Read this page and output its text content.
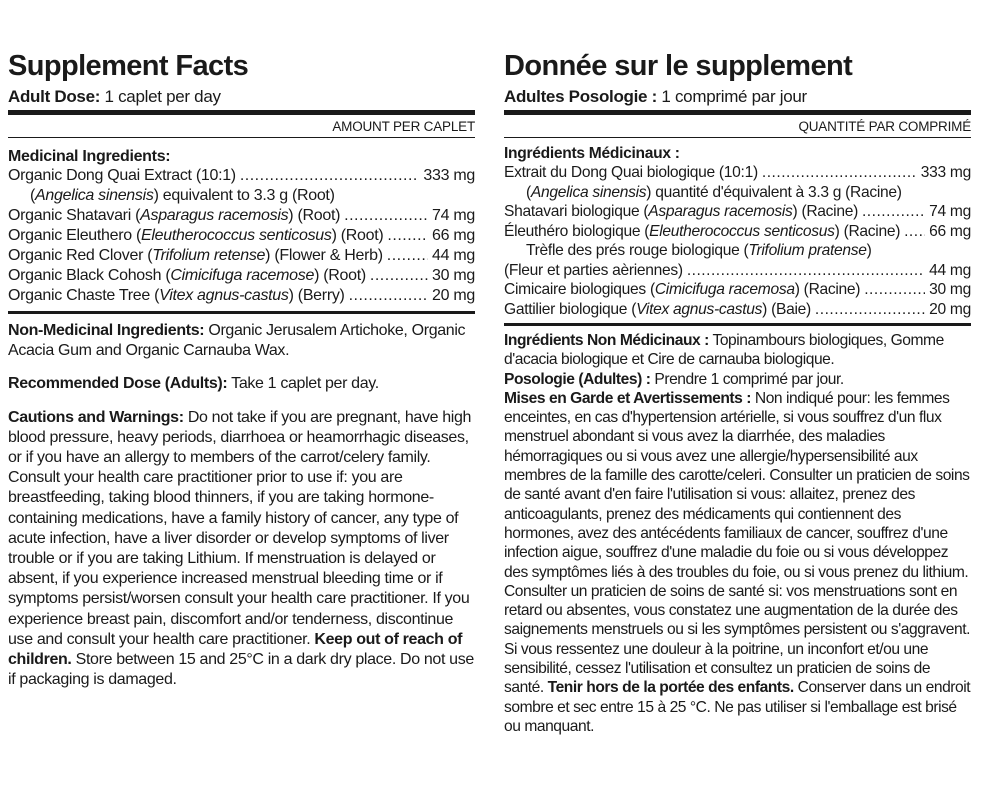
Supplement Facts
Adult Dose: 1 caplet per day
AMOUNT PER CAPLET
Medicinal Ingredients:
Organic Dong Quai Extract (10:1) .....	333 mg
(Angelica sinensis) equivalent to 3.3 g (Root)
Organic Shatavari (Asparagus racemosis) (Root) .....	74 mg
Organic Eleuthero (Eleutherococcus senticosus) (Root) .....	66 mg
Organic Red Clover (Trifolium retense) (Flower & Herb) .....	44 mg
Organic Black Cohosh (Cimicifuga racemose) (Root) .....	30 mg
Organic Chaste Tree (Vitex agnus-castus) (Berry) .....	20 mg

Non-Medicinal Ingredients: Organic Jerusalem Artichoke, Organic Acacia Gum and Organic Carnauba Wax.

Recommended Dose (Adults): Take 1 caplet per day.

Cautions and Warnings: Do not take if you are pregnant, have high blood pressure, heavy periods, diarrhoea or heamorrhagic diseases, or if you have an allergy to members of the carrot/celery family. Consult your health care practitioner prior to use if: you are breastfeeding, taking blood thinners, if you are taking hormone-containing medications, have a family history of cancer, any type of acute infection, have a liver disorder or develop symptoms of liver trouble or if you are taking Lithium. If menstruation is delayed or absent, if you experience increased menstrual bleeding time or if symptoms persist/worsen consult your health care practitioner. If you experience breast pain, discomfort and/or tenderness, discontinue use and consult your health care practitioner. Keep out of reach of children. Store between 15 and 25°C in a dark dry place. Do not use if packaging is damaged.

Donnée sur le supplement
Adultes Posologie : 1 comprimé par jour
QUANTITÉ PAR COMPRIMÉ
Ingrédients Médicinaux :
Extrait du Dong Quai biologique (10:1) .....	333 mg
(Angelica sinensis) quantité d'équivalent à 3.3 g (Racine)
Shatavari biologique (Asparagus racemosis) (Racine) .....	74 mg
Éleuthéro biologique (Eleutherococcus senticosus) (Racine) ..... 66 mg
Trèfle des prés rouge biologique (Trifolium pratense)
(Fleur et parties aèriennes) .....	44 mg
Cimicaire biologiques (Cimicifuga racemosa) (Racine) .....	30 mg
Gattilier biologique (Vitex agnus-castus) (Baie) .....	20 mg

Ingrédients Non Médicinaux : Topinambours biologiques, Gomme d'acacia biologique et Cire de carnauba biologique.

Posologie (Adultes) : Prendre 1 comprimé par jour.

Mises en Garde et Avertissements : Non indiqué pour: les femmes enceintes, en cas d'hypertension artérielle, si vous souffrez d'un flux menstruel abondant si vous avez la diarrhée, des maladies hémorragiques ou si vous avez une allergie/hypersensibilité aux membres de la famille des carotte/celeri. Consulter un praticien de soins de santé avant d'en faire l'utilisation si vous: allaitez, prenez des anticoagulants, prenez des médicaments qui contiennent des hormones, avez des antécédents familiaux de cancer, souffrez d'une infection aigue, souffrez d'une maladie du foie ou si vous développez des symptômes liés à des troubles du foie, ou si vous prenez du lithium. Consulter un praticien de soins de santé si: vos menstruations sont en retard ou absentes, vous constatez une augmentation de la durée des saignements menstruels ou si les symptômes persistent ou s'aggravent. Si vous ressentez une douleur à la poitrine, un inconfort et/ou une sensibilité, cessez l'utilisation et consultez un praticien de soins de santé. Tenir hors de la portée des enfants. Conserver dans un endroit sombre et sec entre 15 à 25 °C. Ne pas utiliser si l'emballage est brisé ou manquant.
